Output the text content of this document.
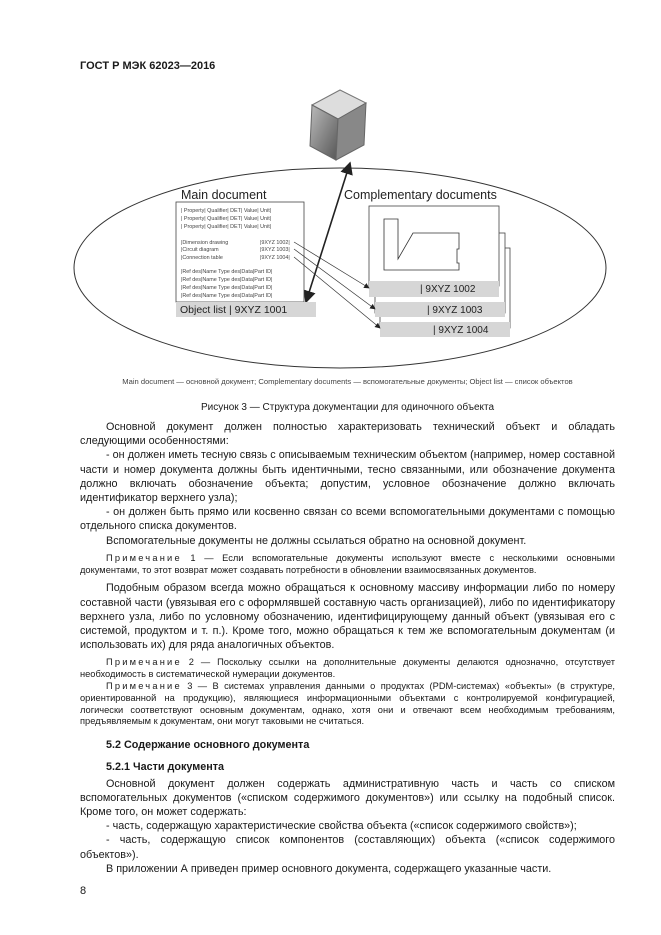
ГОСТ Р МЭК 62023—2016
Main document	Complementary documents
Object list | 9XYZ 1001
| Property| Qualifier| DET| Value| Unit|
| Property| Qualifier| DET| Value| Unit|
| Property| Qualifier| DET| Value| Unit|
|Dimension drawing	|9XYZ 1002|
|Circuit diagram	|9XYZ 1003|
|Connection table	|9XYZ 1004|
|Ref des|Name Type des|Data|Part ID|
|Ref des|Name Type des|Data|Part ID|
|Ref des|Name Type des|Data|Part ID|
|Ref des|Name Type des|Data|Part ID|
| 9XYZ 1004
| 9XYZ 1003
| 9XYZ 1002
Main document — основной документ; Complementary documents — вспомогательные документы; Object list — список объектов
Рисунок 3 — Структура документации для одиночного объекта

Основной документ должен полностью характеризовать технический объект и обладать следующими особенностями:

- он должен иметь тесную связь с описываемым техническим объектом (например, номер составной части и номер документа должны быть идентичными, тесно связанными, или обозначение документа должно включать обозначение объекта; допустим, условное обозначение должно включать идентификатор верхнего узла);

- он должен быть прямо или косвенно связан со всеми вспомогательными документами с помощью отдельного списка документов.

Вспомогательные документы не должны ссылаться обратно на основной документ.

Примечание 1 — Если вспомогательные документы используют вместе с несколькими основными документами, то этот возврат может создавать потребности в обновлении взаимосвязанных документов.

Подобным образом всегда можно обращаться к основному массиву информации либо по номеру составной части (увязывая его с оформлявшей составную часть организацией), либо по идентификатору верхнего узла, либо по условному обозначению, идентифицирующему данный объект (увязывая его с системой, продуктом и т. п.). Кроме того, можно обращаться к тем же вспомогательным документам (и использовать их) для ряда аналогичных объектов.

Примечание 2 — Поскольку ссылки на дополнительные документы делаются однозначно, отсутствует необходимость в систематической нумерации документов.

Примечание 3 — В системах управления данными о продуктах (PDM-системах) «объекты» (в структуре, ориентированной на продукцию), являющиеся информационными объектами с контролируемой конфигурацией, логически соответствуют основным документам, однако, хотя они и отвечают всем необходимым требованиям, предъявляемым к документам, они могут таковыми не считаться.

5.2 Содержание основного документа
5.2.1 Части документа

Основной документ должен содержать административную часть и часть со списком вспомогательных документов («списком содержимого документов») или ссылку на подобный список. Кроме того, он может содержать:

- часть, содержащую характеристические свойства объекта («список содержимого свойств»);

- часть, содержащую список компонентов (составляющих) объекта («список содержимого объектов»).

В приложении А приведен пример основного документа, содержащего указанные части.

8
